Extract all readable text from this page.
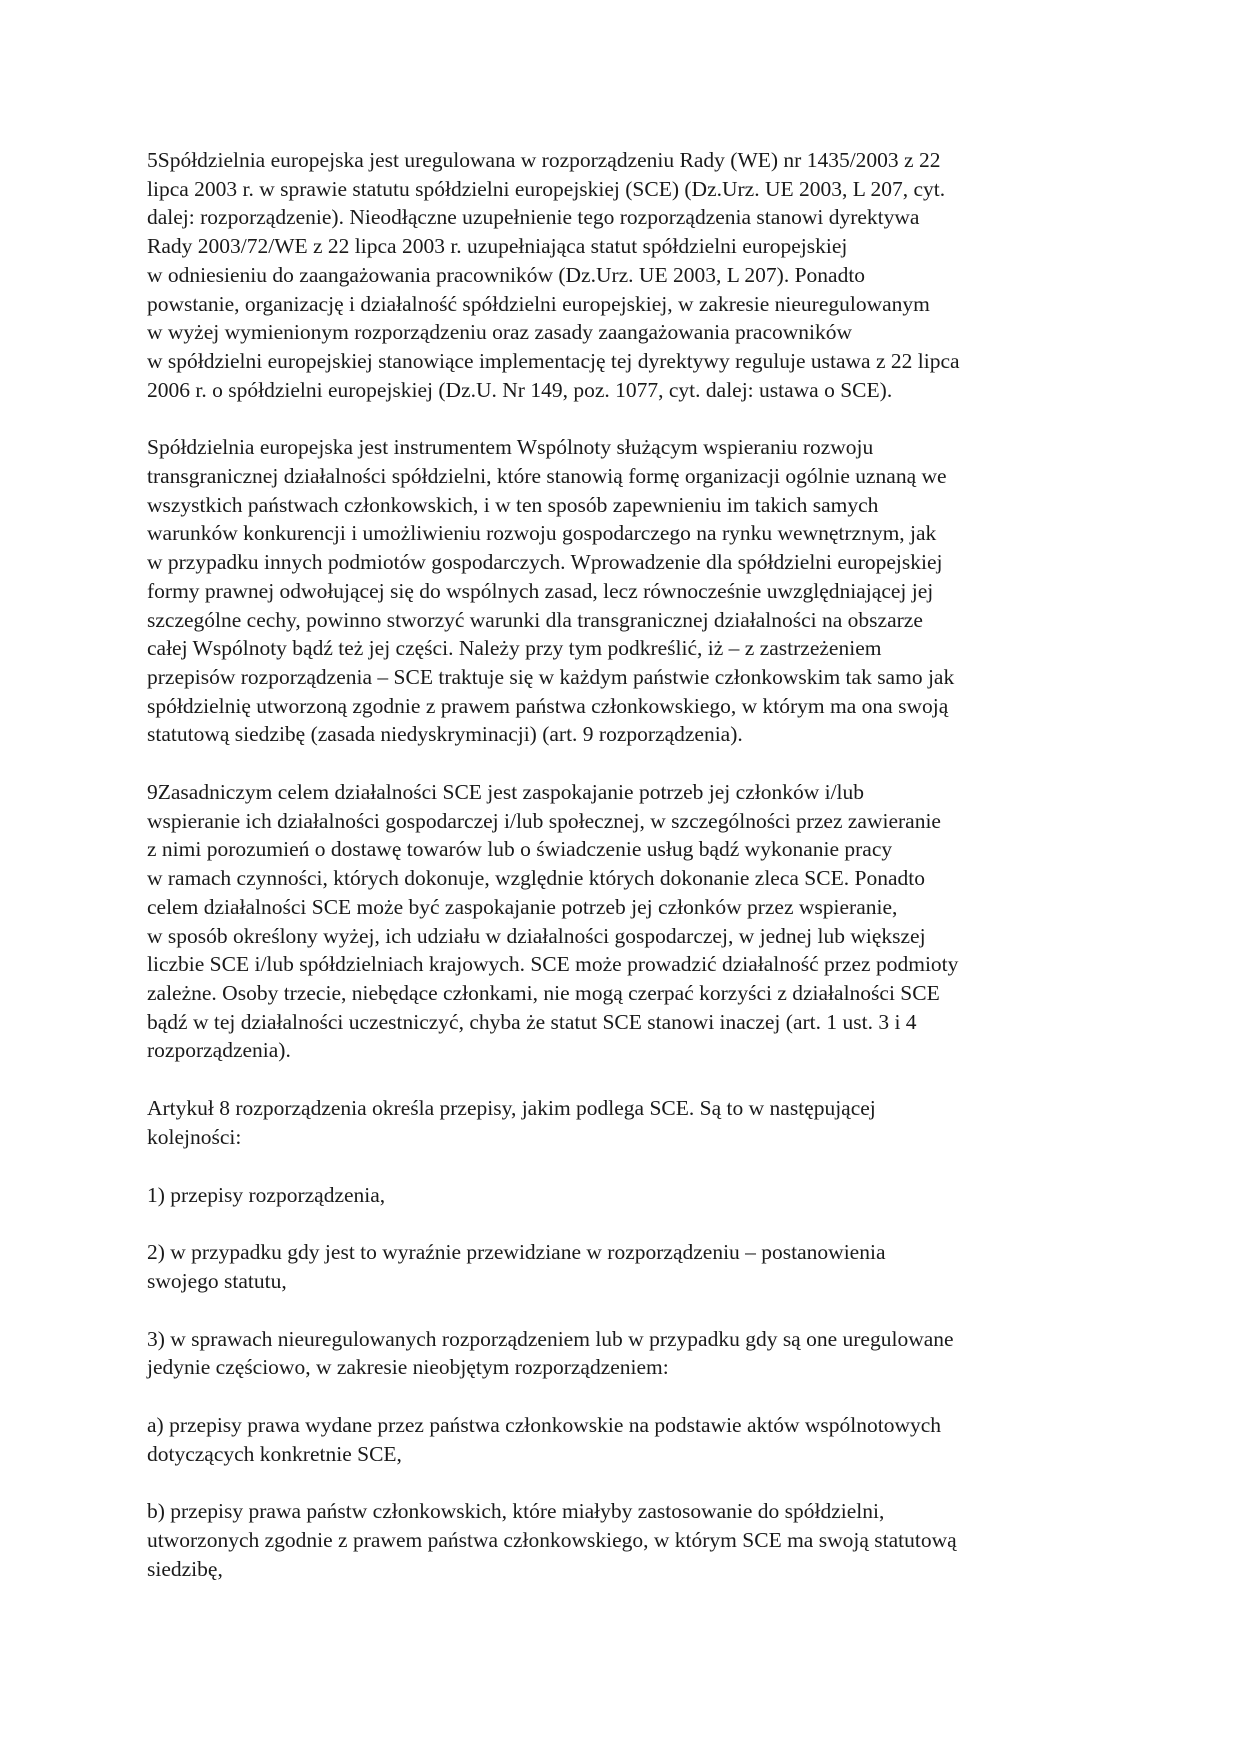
5Spółdzielnia europejska jest uregulowana w rozporządzeniu Rady (WE) nr 1435/2003 z 22
lipca 2003 r. w sprawie statutu spółdzielni europejskiej (SCE) (Dz.Urz. UE 2003, L 207, cyt.
dalej: rozporządzenie). Nieodłączne uzupełnienie tego rozporządzenia stanowi dyrektywa
Rady 2003/72/WE z 22 lipca 2003 r. uzupełniająca statut spółdzielni europejskiej
w odniesieniu do zaangażowania pracowników (Dz.Urz. UE 2003, L 207). Ponadto
powstanie, organizację i działalność spółdzielni europejskiej, w zakresie nieuregulowanym
w wyżej wymienionym rozporządzeniu oraz zasady zaangażowania pracowników
w spółdzielni europejskiej stanowiące implementację tej dyrektywy reguluje ustawa z 22 lipca
2006 r. o spółdzielni europejskiej (Dz.U. Nr 149, poz. 1077, cyt. dalej: ustawa o SCE).

Spółdzielnia europejska jest instrumentem Wspólnoty służącym wspieraniu rozwoju
transgranicznej działalności spółdzielni, które stanowią formę organizacji ogólnie uznaną we
wszystkich państwach członkowskich, i w ten sposób zapewnieniu im takich samych
warunków konkurencji i umożliwieniu rozwoju gospodarczego na rynku wewnętrznym, jak
w przypadku innych podmiotów gospodarczych. Wprowadzenie dla spółdzielni europejskiej
formy prawnej odwołującej się do wspólnych zasad, lecz równocześnie uwzględniającej jej
szczególne cechy, powinno stworzyć warunki dla transgranicznej działalności na obszarze
całej Wspólnoty bądź też jej części. Należy przy tym podkreślić, iż – z zastrzeżeniem
przepisów rozporządzenia – SCE traktuje się w każdym państwie członkowskim tak samo jak
spółdzielnię utworzoną zgodnie z prawem państwa członkowskiego, w którym ma ona swoją
statutową siedzibę (zasada niedyskryminacji) (art. 9 rozporządzenia).

9Zasadniczym celem działalności SCE jest zaspokajanie potrzeb jej członków i/lub
wspieranie ich działalności gospodarczej i/lub społecznej, w szczególności przez zawieranie
z nimi porozumień o dostawę towarów lub o świadczenie usług bądź wykonanie pracy
w ramach czynności, których dokonuje, względnie których dokonanie zleca SCE. Ponadto
celem działalności SCE może być zaspokajanie potrzeb jej członków przez wspieranie,
w sposób określony wyżej, ich udziału w działalności gospodarczej, w jednej lub większej
liczbie SCE i/lub spółdzielniach krajowych. SCE może prowadzić działalność przez podmioty
zależne. Osoby trzecie, niebędące członkami, nie mogą czerpać korzyści z działalności SCE
bądź w tej działalności uczestniczyć, chyba że statut SCE stanowi inaczej (art. 1 ust. 3 i 4
rozporządzenia).

Artykuł 8 rozporządzenia określa przepisy, jakim podlega SCE. Są to w następującej
kolejności:

1) przepisy rozporządzenia,

2) w przypadku gdy jest to wyraźnie przewidziane w rozporządzeniu – postanowienia
swojego statutu,

3) w sprawach nieuregulowanych rozporządzeniem lub w przypadku gdy są one uregulowane
jedynie częściowo, w zakresie nieobjętym rozporządzeniem:

a) przepisy prawa wydane przez państwa członkowskie na podstawie aktów wspólnotowych
dotyczących konkretnie SCE,

b) przepisy prawa państw członkowskich, które miałyby zastosowanie do spółdzielni,
utworzonych zgodnie z prawem państwa członkowskiego, w którym SCE ma swoją statutową
siedzibę,
